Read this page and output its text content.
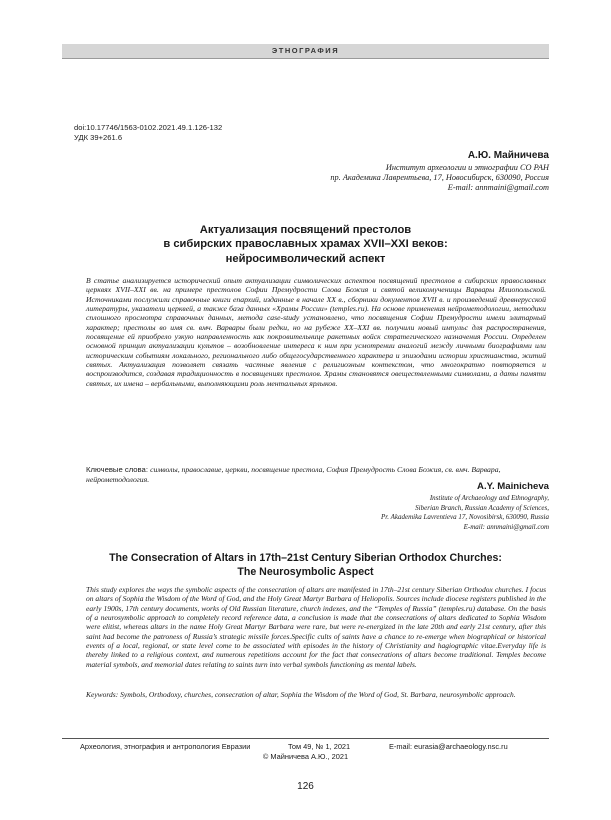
ЭТНОГРАФИЯ
doi:10.17746/1563-0102.2021.49.1.126-132
УДК 39+261.6
А.Ю. Майничева
Институт археологии и этнографии СО РАН
пр. Академика Лаврентьева, 17, Новосибирск, 630090, Россия
E-mail: annmaini@gmail.com
Актуализация посвящений престолов
в сибирских православных храмах XVII–XXI веков:
нейросимволический аспект
В статье анализируется исторический опыт актуализации символических аспектов посвящений престолов в сибирских православных церквях XVII–XXI вв. на примере престолов Софии Премудрости Слова Божия и святой великомученицы Варвары Илиопольской. Источниками послужили справочные книги епархий, изданные в начале XX в., сборники документов XVII в. и произведений древнерусской литературы, указатели церквей, а также база данных «Храмы России» (temples.ru). На основе применения нейрометодологии, методики сплошного просмотра справочных данных, метода case-study установлено, что посвящения Софии Премудрости имели элитарный характер; престолы во имя св. вмч. Варвары были редки, но на рубеже XX–XXI вв. получили новый импульс для распространения, посвящение ей приобрело узкую направленность как покровительнице ракетных войск стратегического назначения России. Определен основной принцип актуализации культов – возобновление интереса к ним при усмотрении аналогий между личными биографиями или историческим событиям локального, регионального либо общегосударственного характера и эпизодами истории христианства, житий святых. Актуализация позволяет связать частные явления с религиозным контекстом, что многократно повторяется и воспроизводится, создавая традиционность в посвящениях престолов. Храмы становятся овеществленными символами, а даты памяти святых, их имена – вербальными, выполняющими роль ментальных ярлыков.
Ключевые слова: символы, православие, церкви, посвящение престола, София Премудрость Слова Божия, св. вмч. Варвара, нейрометодология.
A.Y. Mainicheva
Institute of Archaeology and Ethnography,
Siberian Branch, Russian Academy of Sciences,
Pr. Akademika Lavrentieva 17, Novosibirsk, 630090, Russia
E-mail: annmaini@gmail.com
The Consecration of Altars in 17th–21st Century Siberian Orthodox Churches:
The Neurosymbolic Aspect
This study explores the ways the symbolic aspects of the consecration of altars are manifested in 17th–21st century Siberian Orthodox churches. I focus on altars of Sophia the Wisdom of the Word of God, and the Holy Great Martyr Barbara of Heliopolis. Sources include diocese registers published in the early 1900s, 17th century documents, works of Old Russian literature, church indexes, and the “Temples of Russia” (temples.ru) database. On the basis of a neurosymbolic approach to completely record reference data, a conclusion is made that the consecrations of altars dedicated to Sophia Wisdom were elitist, whereas altars in the name Holy Great Martyr Barbara were rare, but were re-energized in the late 20th and early 21st century, after this saint had become the patroness of Russia’s strategic missile forces.Specific cults of saints have a chance to re-emerge when biographical or historical events of a local, regional, or state level come to be associated with episodes in the history of Christianity and hagiographic vitae.Everyday life is thereby linked to a religious context, and numerous repetitions account for the fact that consecrations of altars become traditional. Temples become material symbols, and memorial dates relating to saints turn into verbal symbols functioning as mental labels.
Keywords: Symbols, Orthodoxy, churches, consecration of altar, Sophia the Wisdom of the Word of God, St. Barbara, neurosymbolic approach.
Археология, этнография и антропология Евразии	Том 49, № 1, 2021	E-mail: eurasia@archaeology.nsc.ru
© Майничева А.Ю., 2021
126
